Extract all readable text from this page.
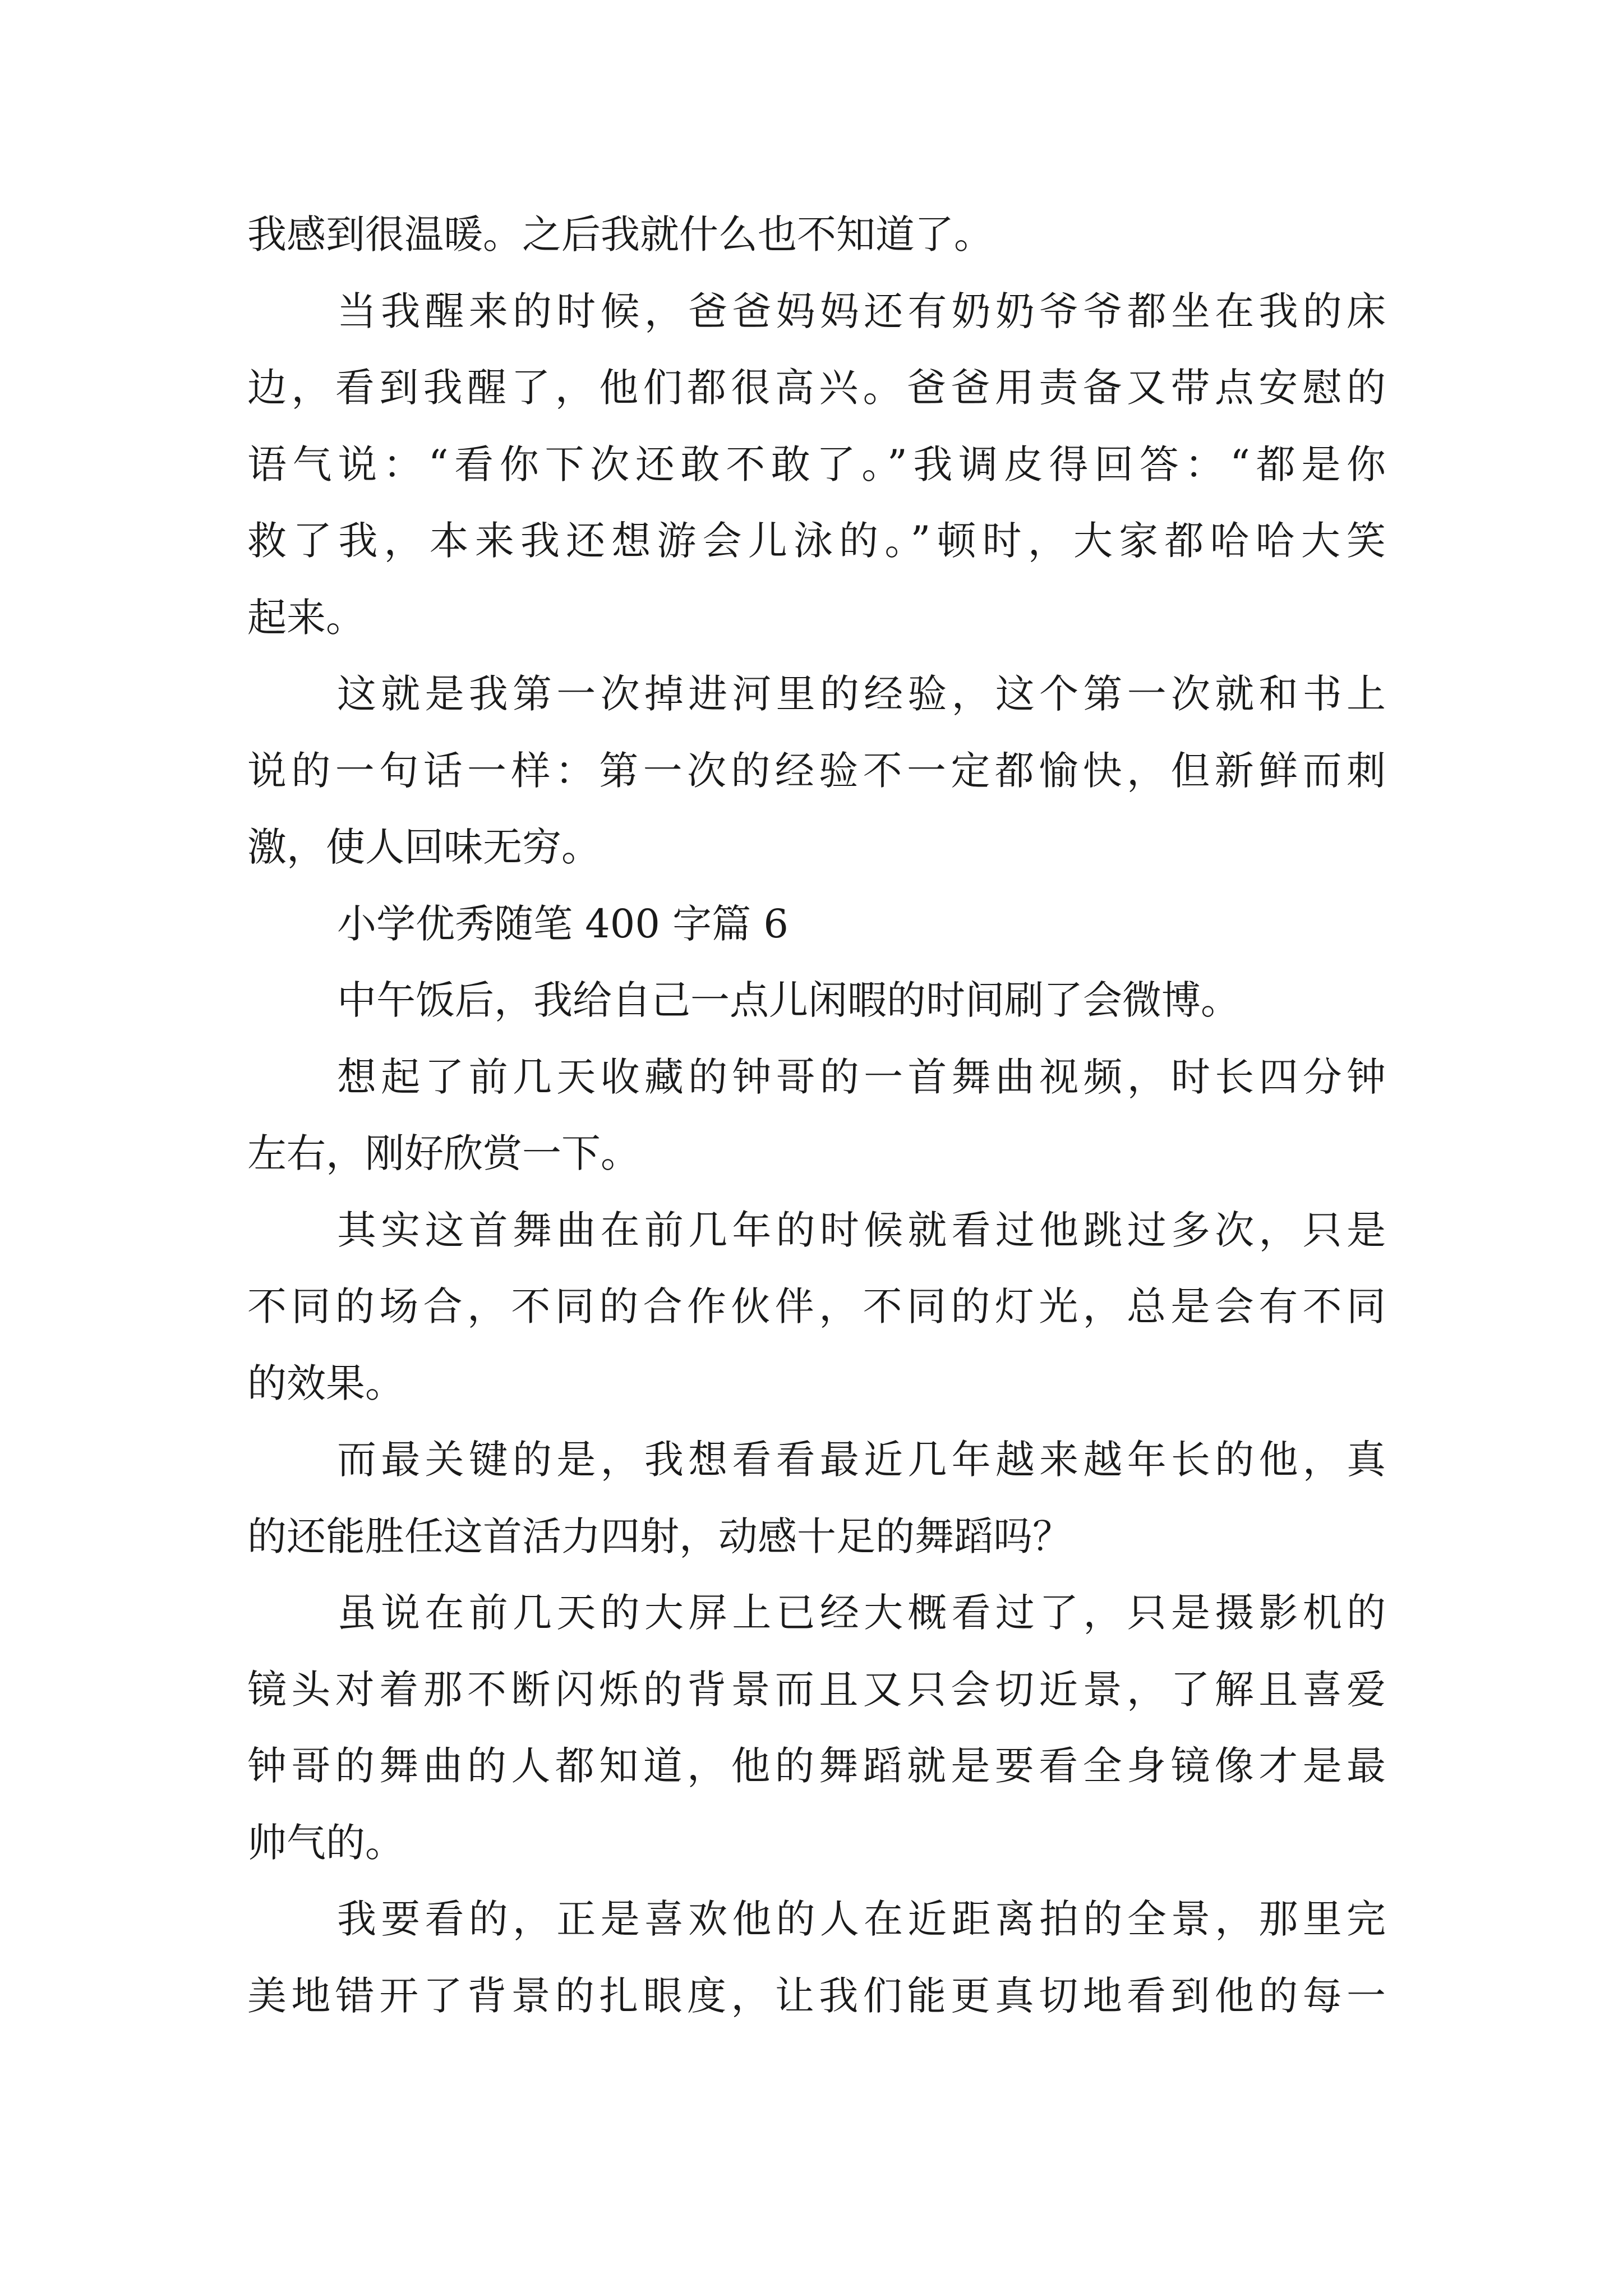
我感到很温暖。之后我就什么也不知道了。
当我醒来的时候，爸爸妈妈还有奶奶爷爷都坐在我的床
边，看到我醒了，他们都很高兴。爸爸用责备又带点安慰的
语气说：“看你下次还敢不敢了。”我调皮得回答：“都是你
救了我，本来我还想游会儿泳的。”顿时，大家都哈哈大笑
起来。
这就是我第一次掉进河里的经验，这个第一次就和书上
说的一句话一样：第一次的经验不一定都愉快，但新鲜而刺
激，使人回味无穷。
小学优秀随笔 400 字篇 6
中午饭后，我给自己一点儿闲暇的时间刷了会微博。
想起了前几天收藏的钟哥的一首舞曲视频，时长四分钟
左右，刚好欣赏一下。
其实这首舞曲在前几年的时候就看过他跳过多次，只是
不同的场合，不同的合作伙伴，不同的灯光，总是会有不同
的效果。
而最关键的是，我想看看最近几年越来越年长的他，真
的还能胜任这首活力四射，动感十足的舞蹈吗？
虽说在前几天的大屏上已经大概看过了，只是摄影机的
镜头对着那不断闪烁的背景而且又只会切近景，了解且喜爱
钟哥的舞曲的人都知道，他的舞蹈就是要看全身镜像才是最
帅气的。
我要看的，正是喜欢他的人在近距离拍的全景，那里完
美地错开了背景的扎眼度，让我们能更真切地看到他的每一
